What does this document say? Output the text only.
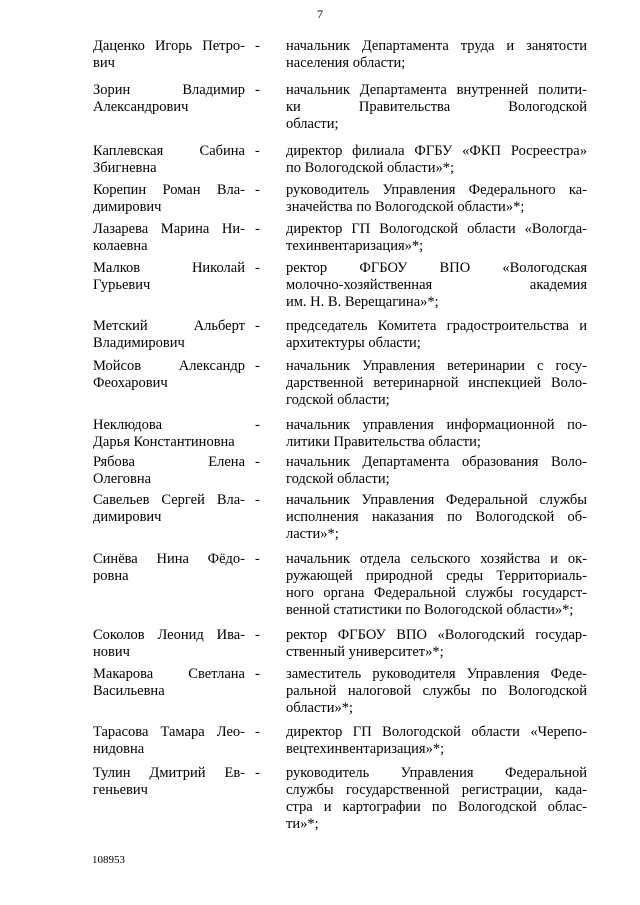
7
Даценко Игорь Петро-
вич
-	начальник Департамента труда и занятости
населения области;
Зорин Владимир
Александрович
-	начальник Департамента внутренней полити-
ки Правительства Вологодской
области;
Каплевская Сабина
Збигневна
-	директор филиала ФГБУ «ФКП Росреестра»
по Вологодской области»*;
Корепин Роман Вла-
димирович
-	руководитель Управления Федерального ка-
значейства по Вологодской области»*;
Лазарева Марина Ни-
колаевна
-	директор ГП Вологодской области «Вологда-
техинвентаризация»*;
Малков Николай
Гурьевич
-	ректор ФГБОУ ВПО «Вологодская
молочно-хозяйственная академия
им. Н. В. Верещагина»*;
Метский Альберт
Владимирович
-	председатель Комитета градостроительства и
архитектуры области;
Мойсов Александр
Феохарович
-	начальник Управления ветеринарии с госу-
дарственной ветеринарной инспекцией Воло-
годской области;
Неклюдова
Дарья Константиновна
-	начальник управления информационной по-
литики Правительства области;
Рябова Елена
Олеговна
-	начальник Департамента образования Воло-
годской области;
Савельев Сергей Вла-
димирович
-	начальник Управления Федеральной службы
исполнения наказания по Вологодской об-
ласти»*;
Синёва Нина Фёдо-
ровна
-	начальник отдела сельского хозяйства и ок-
ружающей природной среды Территориаль-
ного органа Федеральной службы государст-
венной статистики по Вологодской области»*;
Соколов Леонид Ива-
нович
-	ректор ФГБОУ ВПО «Вологодский государ-
ственный университет»*;
Макарова Светлана
Васильевна
-	заместитель руководителя Управления Феде-
ральной налоговой службы по Вологодской
области»*;
Тарасова Тамара Лео-
нидовна
-	директор ГП Вологодской области «Черепо-
вецтехинвентаризация»*;
Тулин Дмитрий Ев-
геньевич
-	руководитель Управления Федеральной
службы государственной регистрации, када-
стра и картографии по Вологодской облас-
ти»*;
108953
